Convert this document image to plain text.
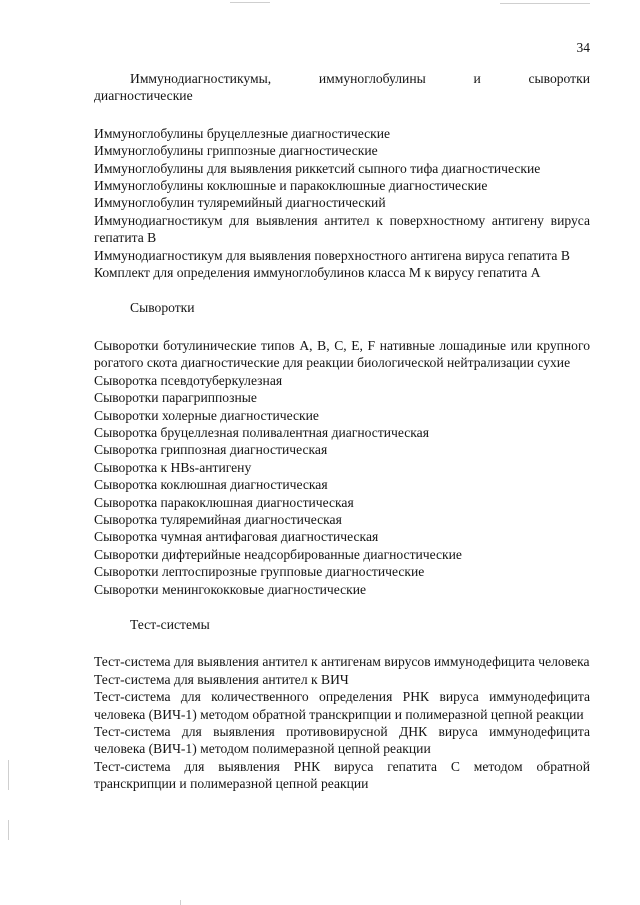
34
Иммунодиагностикумы,	иммуноглобулины	и	сыворотки
диагностические
Иммуноглобулины бруцеллезные диагностические
Иммуноглобулины гриппозные диагностические
Иммуноглобулины для выявления риккетсий сыпного тифа диагностические
Иммуноглобулины коклюшные и паракоклюшные диагностические
Иммуноглобулин туляремийный диагностический
Иммунодиагностикум для выявления антител к поверхностному антигену вируса гепатита В
Иммунодиагностикум для выявления поверхностного антигена вируса гепатита В
Комплект для определения иммуноглобулинов класса М к вирусу гепатита А
Сыворотки
Сыворотки ботулинические типов А, В, С, Е, F нативные лошадиные или крупного рогатого скота диагностические для реакции биологической нейтрализации сухие
Сыворотка псевдотуберкулезная
Сыворотки парагриппозные
Сыворотки холерные диагностические
Сыворотка бруцеллезная поливалентная диагностическая
Сыворотка гриппозная диагностическая
Сыворотка к HBs-антигену
Сыворотка коклюшная диагностическая
Сыворотка паракоклюшная диагностическая
Сыворотка туляремийная диагностическая
Сыворотка чумная антифаговая диагностическая
Сыворотки дифтерийные неадсорбированные диагностические
Сыворотки лептоспирозные групповые диагностические
Сыворотки менингококковые диагностические
Тест-системы
Тест-система для выявления антител к антигенам вирусов иммунодефицита человека
Тест-система для выявления антител к ВИЧ
Тест-система для количественного определения РНК вируса иммунодефицита человека (ВИЧ-1) методом обратной транскрипции и полимеразной цепной реакции
Тест-система для выявления противовирусной ДНК вируса иммунодефицита человека (ВИЧ-1) методом полимеразной цепной реакции
Тест-система для выявления РНК вируса гепатита С методом обратной транскрипции и полимеразной цепной реакции
